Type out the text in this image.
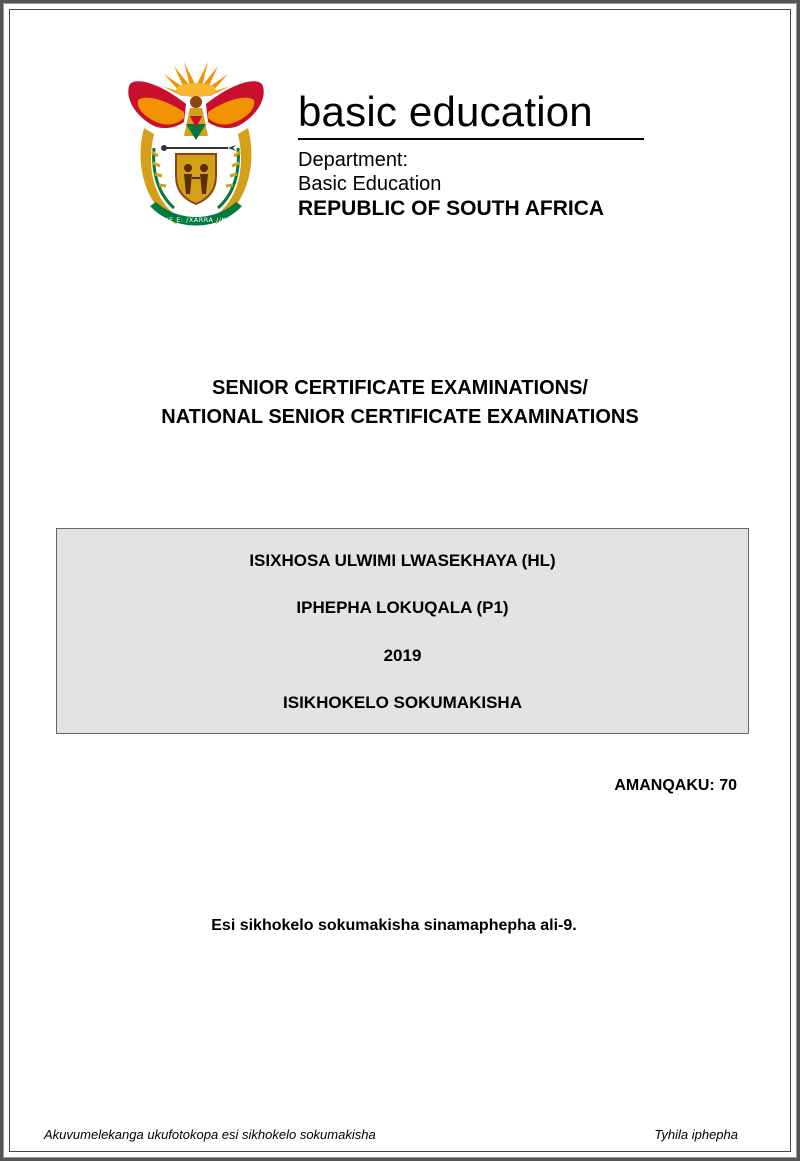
!KE E: /XARRA //KE
basic education
Department:
Basic Education
REPUBLIC OF SOUTH AFRICA
SENIOR CERTIFICATE EXAMINATIONS/
NATIONAL SENIOR CERTIFICATE EXAMINATIONS
ISIXHOSA ULWIMI LWASEKHAYA (HL)
IPHEPHA LOKUQALA (P1)
2019
ISIKHOKELO SOKUMAKISHA
AMANQAKU: 70
Esi sikhokelo sokumakisha sinamaphepha ali-9.
Akuvumelekanga ukufotokopa esi sikhokelo sokumakisha	Tyhila iphepha
